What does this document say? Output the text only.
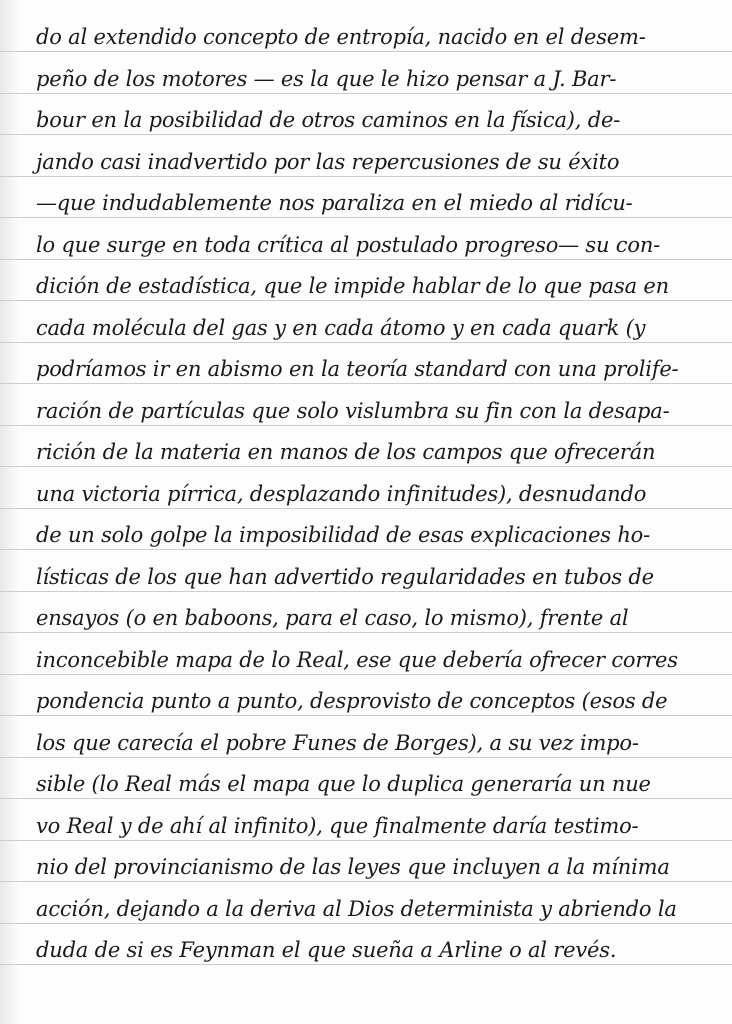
do al extendido concepto de entropía, nacido en el desem-
peño de los motores — es la que le hizo pensar a J. Bar-
bour en la posibilidad de otros caminos en la física), de-
jando casi inadvertido por las repercusiones de su éxito
—que indudablemente nos paraliza en el miedo al ridícu-
lo que surge en toda crítica al postulado progreso— su con-
dición de estadística, que le impide hablar de lo que pasa en
cada molécula del gas y en cada átomo y en cada quark (y
podríamos ir en abismo en la teoría standard con una prolife-
ración de partículas que solo vislumbra su fin con la desapa-
rición de la materia en manos de los campos que ofrecerán
una victoria pírrica, desplazando infinitudes), desnudando
de un solo golpe la imposibilidad de esas explicaciones ho-
lísticas de los que han advertido regularidades en tubos de
ensayos (o en baboons, para el caso, lo mismo), frente al
inconcebible mapa de lo Real, ese que debería ofrecer corres
pondencia punto a punto, desprovisto de conceptos (esos de
los que carecía el pobre Funes de Borges), a su vez impo-
sible (lo Real más el mapa que lo duplica generaría un nue
vo Real y de ahí al infinito), que finalmente daría testimo-
nio del provincianismo de las leyes que incluyen a la mínima
acción, dejando a la deriva al Dios determinista y abriendo la
duda de si es Feynman el que sueña a Arline o al revés.
